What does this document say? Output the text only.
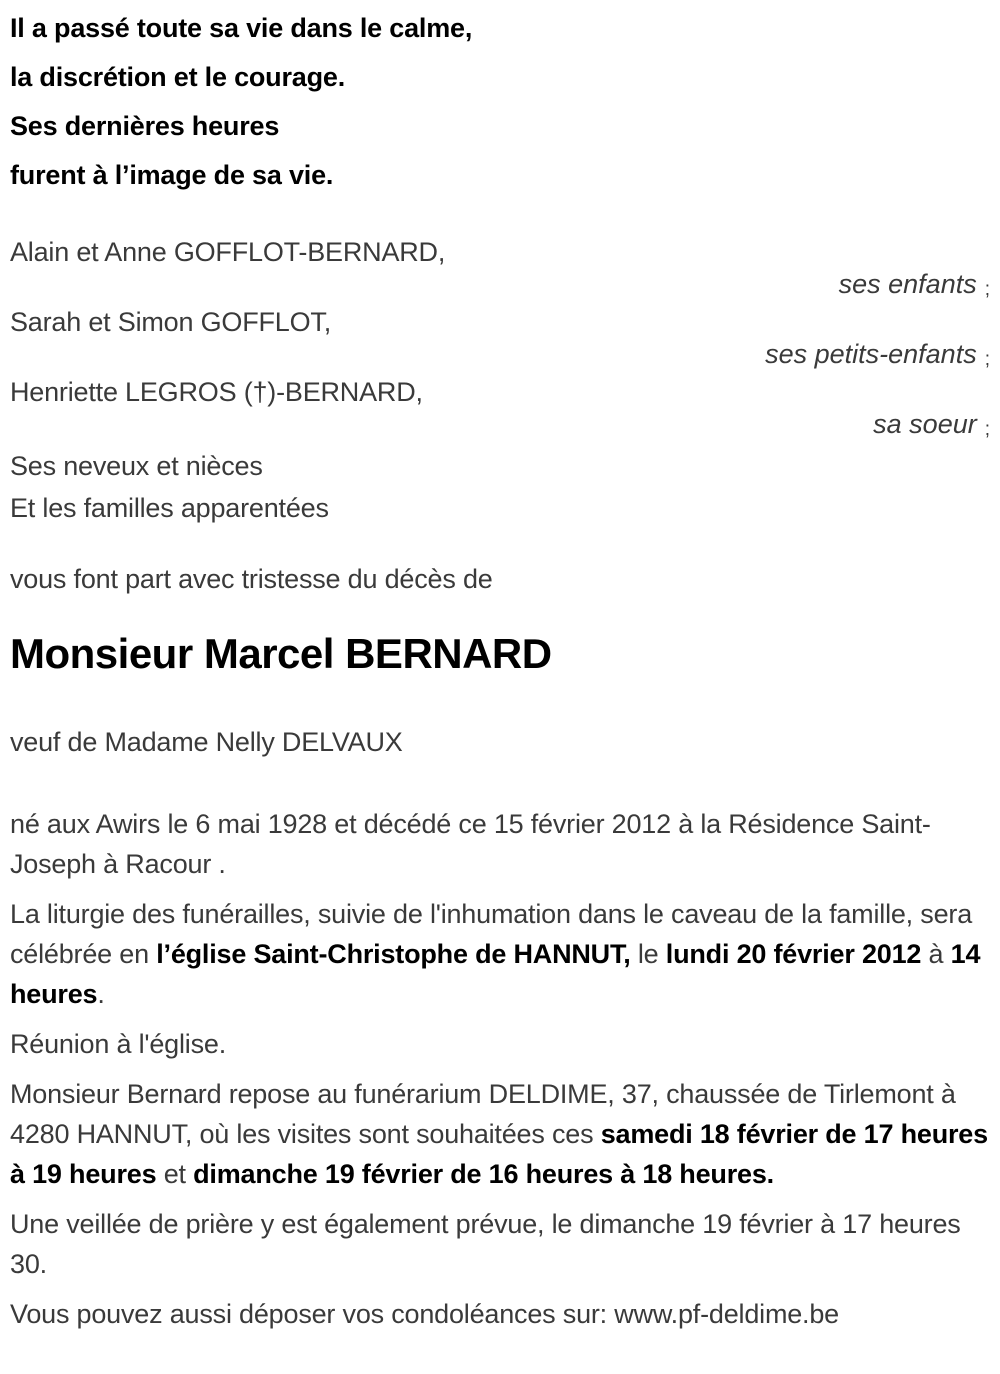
Il a passé toute sa vie dans le calme,

la discrétion et le courage.

Ses dernières heures

furent à l’image de sa vie.

Alain et Anne GOFFLOT-BERNARD,

ses enfants ;

Sarah et Simon GOFFLOT,

ses petits-enfants ;

Henriette LEGROS (†)-BERNARD,

sa soeur ;

Ses neveux et nièces

Et les familles apparentées

vous font part avec tristesse du décès de

Monsieur Marcel BERNARD

veuf de Madame Nelly DELVAUX

né aux Awirs le 6 mai 1928 et décédé ce 15 février 2012 à la Résidence Saint-Joseph à Racour .

La liturgie des funérailles, suivie de l'inhumation dans le caveau de la famille, sera célébrée en l’église Saint-Christophe de HANNUT, le lundi 20 février 2012 à 14 heures.

Réunion à l'église.

Monsieur Bernard repose au funérarium DELDIME, 37, chaussée de Tirlemont à 4280 HANNUT, où les visites sont souhaitées ces samedi 18 février de 17 heures à 19 heures et dimanche 19 février de 16 heures à 18 heures.

Une veillée de prière y est également prévue, le dimanche 19 février à 17 heures 30.

Vous pouvez aussi déposer vos condoléances sur: www.pf-deldime.be
